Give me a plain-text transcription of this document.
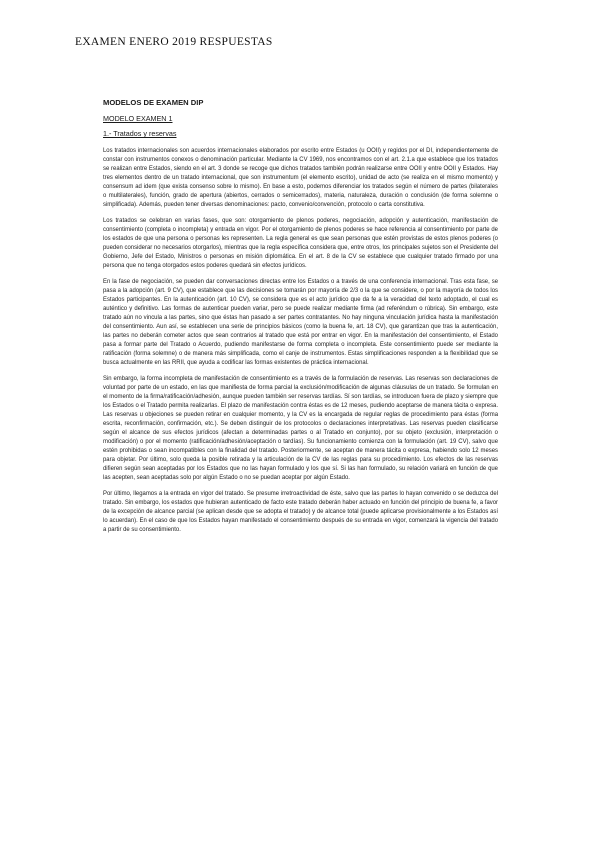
EXAMEN ENERO 2019 RESPUESTAS
MODELOS DE EXAMEN DIP
MODELO EXAMEN 1
1.- Tratados y reservas

Los tratados internacionales son acuerdos internacionales elaborados por escrito entre Estados (u OOII) y regidos por el DI, independientemente de constar con instrumentos conexos o denominación particular. Mediante la CV 1969, nos encontramos con el art. 2.1.a que establece que los tratados se realizan entre Estados, siendo en el art. 3 donde se recoge que dichos tratados también podrán realizarse entre OOII y entre OOII y Estados. Hay tres elementos dentro de un tratado internacional, que son instrumentum (el elemento escrito), unidad de acto (se realiza en el mismo momento) y consensum ad idem (que exista consenso sobre lo mismo). En base a esto, podemos diferenciar los tratados según el número de partes (bilaterales o multilaterales), función, grado de apertura (abiertos, cerrados o semicerrados), materia, naturaleza, duración o conclusión (de forma solemne o simplificada). Además, pueden tener diversas denominaciones: pacto, convenio/convención, protocolo o carta constitutiva.

Los tratados se celebran en varias fases, que son: otorgamiento de plenos poderes, negociación, adopción y autenticación, manifestación de consentimiento (completa o incompleta) y entrada en vigor. Por el otorgamiento de plenos poderes se hace referencia al consentimiento por parte de los estados de que una persona o personas les representen. La regla general es que sean personas que estén provistas de estos plenos poderes (o pueden considerar no necesarios otorgarlos), mientras que la regla específica considera que, entre otros, los principales sujetos son el Presidente del Gobierno, Jefe del Estado, Ministros o personas en misión diplomática. En el art. 8 de la CV se establece que cualquier tratado firmado por una persona que no tenga otorgados estos poderes quedará sin efectos jurídicos.

En la fase de negociación, se pueden dar conversaciones directas entre los Estados o a través de una conferencia internacional. Tras esta fase, se pasa a la adopción (art. 9 CV), que establece que las decisiones se tomarán por mayoría de 2/3 o la que se considere, o por la mayoría de todos los Estados participantes. En la autenticación (art. 10 CV), se considera que es el acto jurídico que da fe a la veracidad del texto adoptado, el cual es auténtico y definitivo. Las formas de autenticar pueden variar, pero se puede realizar mediante firma (ad referéndum o rúbrica). Sin embargo, este tratado aún no vincula a las partes, sino que éstas han pasado a ser partes contratantes. No hay ninguna vinculación jurídica hasta la manifestación del consentimiento. Aun así, se establecen una serie de principios básicos (como la buena fe, art. 18 CV), que garantizan que tras la autenticación, las partes no deberán cometer actos que sean contrarios al tratado que está por entrar en vigor. En la manifestación del consentimiento, el Estado pasa a formar parte del Tratado o Acuerdo, pudiendo manifestarse de forma completa o incompleta. Este consentimiento puede ser mediante la ratificación (forma solemne) o de manera más simplificada, como el canje de instrumentos. Estas simplificaciones responden a la flexibilidad que se busca actualmente en las RRII, que ayuda a codificar las formas existentes de práctica internacional.

Sin embargo, la forma incompleta de manifestación de consentimiento es a través de la formulación de reservas. Las reservas son declaraciones de voluntad por parte de un estado, en las que manifiesta de forma parcial la exclusión/modificación de algunas cláusulas de un tratado. Se formulan en el momento de la firma/ratificación/adhesión, aunque pueden también ser reservas tardías. Sí son tardías, se introducen fuera de plazo y siempre que los Estados o el Tratado permita realizarlas. El plazo de manifestación contra éstas es de 12 meses, pudiendo aceptarse de manera tácita o expresa. Las reservas u objeciones se pueden retirar en cualquier momento, y la CV es la encargada de regular reglas de procedimiento para éstas (forma escrita, reconfirmación, confirmación, etc.). Se deben distinguir de los protocolos o declaraciones interpretativas. Las reservas pueden clasificarse según el alcance de sus efectos jurídicos (afectan a determinadas partes o al Tratado en conjunto), por su objeto (exclusión, interpretación o modificación) o por el momento (ratificación/adhesión/aceptación o tardías). Su funcionamiento comienza con la formulación (art. 19 CV), salvo que estén prohibidas o sean incompatibles con la finalidad del tratado. Posteriormente, se aceptan de manera tácita o expresa, habiendo solo 12 meses para objetar. Por último, solo queda la posible retirada y la articulación de la CV de las reglas para su procedimiento. Los efectos de las reservas difieren según sean aceptadas por los Estados que no las hayan formulado y los que sí. Si las han formulado, su relación variará en función de que las acepten, sean aceptadas solo por algún Estado o no se puedan aceptar por algún Estado.

Por último, llegamos a la entrada en vigor del tratado. Se presume irretroactividad de éste, salvo que las partes lo hayan convenido o se deduzca del tratado. Sin embargo, los estados que hubieran autenticado de facto este tratado deberán haber actuado en función del principio de buena fe, a favor de la excepción de alcance parcial (se aplican desde que se adopta el tratado) y de alcance total (puede aplicarse provisionalmente a los Estados así lo acuerdan). En el caso de que los Estados hayan manifestado el consentimiento después de su entrada en vigor, comenzará la vigencia del tratado a partir de su consentimiento.
